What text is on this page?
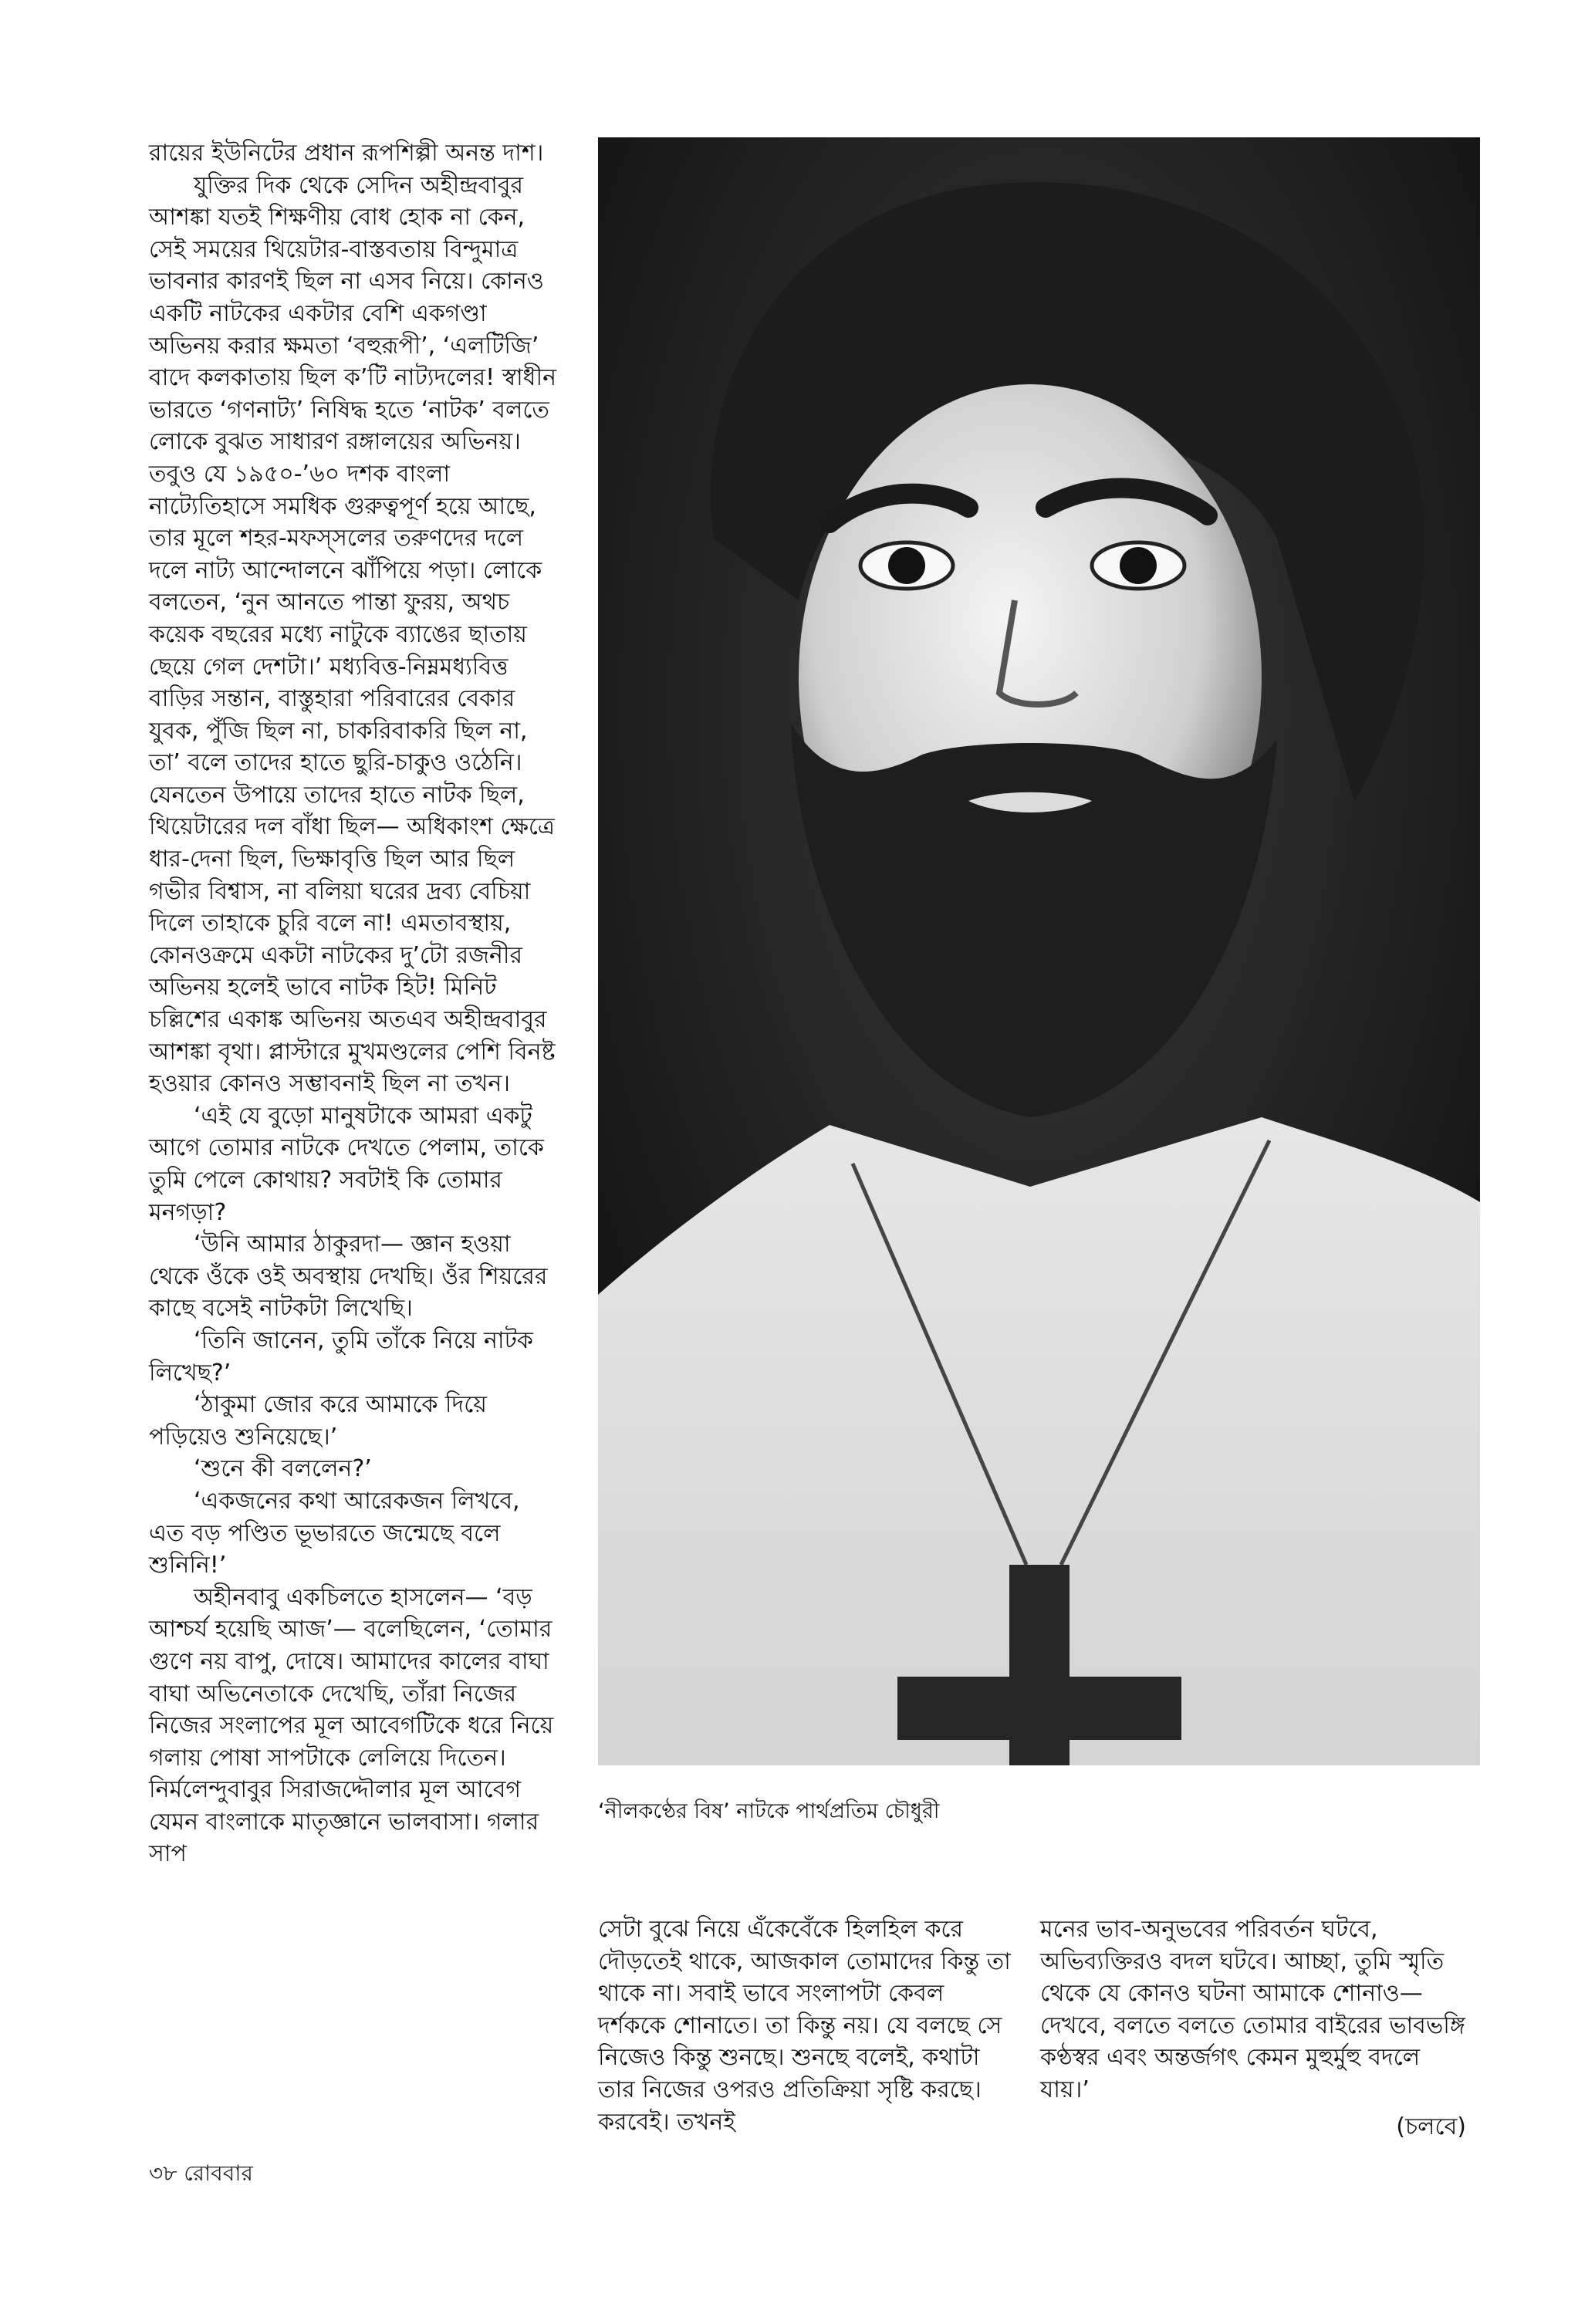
রায়ের ইউনিটের প্রধান রূপশিল্পী অনন্ত দাশ।

যুক্তির দিক থেকে সেদিন অহীন্দ্রবাবুর আশঙ্কা যতই শিক্ষণীয় বোধ হোক না কেন, সেই সময়ের থিয়েটার-বাস্তবতায় বিন্দুমাত্র ভাবনার কারণই ছিল না এসব নিয়ে। কোনও একটি নাটকের একটার বেশি একগণ্ডা অভিনয় করার ক্ষমতা ‘বহুরূপী’, ‘এলটিজি’ বাদে কলকাতায় ছিল ক’টি নাট্যদলের! স্বাধীন ভারতে ‘গণনাট্য’ নিষিদ্ধ হতে ‘নাটক’ বলতে লোকে বুঝত সাধারণ রঙ্গালয়ের অভিনয়। তবুও যে ১৯৫০-’৬০ দশক বাংলা নাট্যেতিহাসে সমধিক গুরুত্বপূর্ণ হয়ে আছে, তার মূলে শহর-মফস্‌সলের তরুণদের দলে দলে নাট্য আন্দোলনে ঝাঁপিয়ে পড়া। লোকে বলতেন, ‘নুন আনতে পান্তা ফুরয়, অথচ কয়েক বছরের মধ্যে নাটুকে ব্যাঙের ছাতায় ছেয়ে গেল দেশটা।’ মধ্যবিত্ত-নিম্নমধ্যবিত্ত বাড়ির সন্তান, বাস্তুহারা পরিবারের বেকার যুবক, পুঁজি ছিল না, চাকরিবাকরি ছিল না, তা’ বলে তাদের হাতে ছুরি-চাকুও ওঠেনি। যেনতেন উপায়ে তাদের হাতে নাটক ছিল, থিয়েটারের দল বাঁধা ছিল— অধিকাংশ ক্ষেত্রে ধার-দেনা ছিল, ভিক্ষাবৃত্তি ছিল আর ছিল গভীর বিশ্বাস, না বলিয়া ঘরের দ্রব্য বেচিয়া দিলে তাহাকে চুরি বলে না! এমতাবস্থায়, কোনওক্রমে একটা নাটকের দু’টো রজনীর অভিনয় হলেই ভাবে নাটক হিট! মিনিট চল্লিশের একাঙ্ক অভিনয় অতএব অহীন্দ্রবাবুর আশঙ্কা বৃথা। প্লাস্টারে মুখমণ্ডলের পেশি বিনষ্ট হওয়ার কোনও সম্ভাবনাই ছিল না তখন।

‘এই যে বুড়ো মানুষটাকে আমরা একটু আগে তোমার নাটকে দেখতে পেলাম, তাকে তুমি পেলে কোথায়? সবটাই কি তোমার মনগড়া?

‘উনি আমার ঠাকুরদা— জ্ঞান হওয়া থেকে ওঁকে ওই অবস্থায় দেখছি। ওঁর শিয়রের কাছে বসেই নাটকটা লিখেছি।

‘তিনি জানেন, তুমি তাঁকে নিয়ে নাটক লিখেছ?’

‘ঠাকুমা জোর করে আমাকে দিয়ে পড়িয়েও শুনিয়েছে।’

‘শুনে কী বললেন?’

‘একজনের কথা আরেকজন লিখবে, এত বড় পণ্ডিত ভূভারতে জন্মেছে বলে শুনিনি!’

অহীনবাবু একচিলতে হাসলেন— ‘বড় আশ্চর্য হয়েছি আজ’— বলেছিলেন, ‘তোমার গুণে নয় বাপু, দোষে। আমাদের কালের বাঘা বাঘা অভিনেতাকে দেখেছি, তাঁরা নিজের নিজের সংলাপের মূল আবেগটিকে ধরে নিয়ে গলায় পোষা সাপটাকে লেলিয়ে দিতেন। নির্মলেন্দুবাবুর সিরাজদ্দৌলার মূল আবেগ যেমন বাংলাকে মাতৃজ্ঞানে ভালবাসা। গলার সাপ

‘নীলকণ্ঠের বিষ’ নাটকে পার্থপ্রতিম চৌধুরী

সেটা বুঝে নিয়ে এঁকেবেঁকে হিলহিল করে দৌড়তেই থাকে, আজকাল তোমাদের কিন্তু তা থাকে না। সবাই ভাবে সংলাপটা কেবল দর্শককে শোনাতে। তা কিন্তু নয়। যে বলছে সে নিজেও কিন্তু শুনছে। শুনছে বলেই, কথাটা তার নিজের ওপরও প্রতিক্রিয়া সৃষ্টি করছে। করবেই। তখনই

মনের ভাব-অনুভবের পরিবর্তন ঘটবে, অভিব্যক্তিরও বদল ঘটবে। আচ্ছা, তুমি স্মৃতি থেকে যে কোনও ঘটনা আমাকে শোনাও— দেখবে, বলতে বলতে তোমার বাইরের ভাবভঙ্গি কণ্ঠস্বর এবং অন্তর্জগৎ কেমন মুহুর্মুহু বদলে যায়।’

(চলবে)

৩৮ রোববার
